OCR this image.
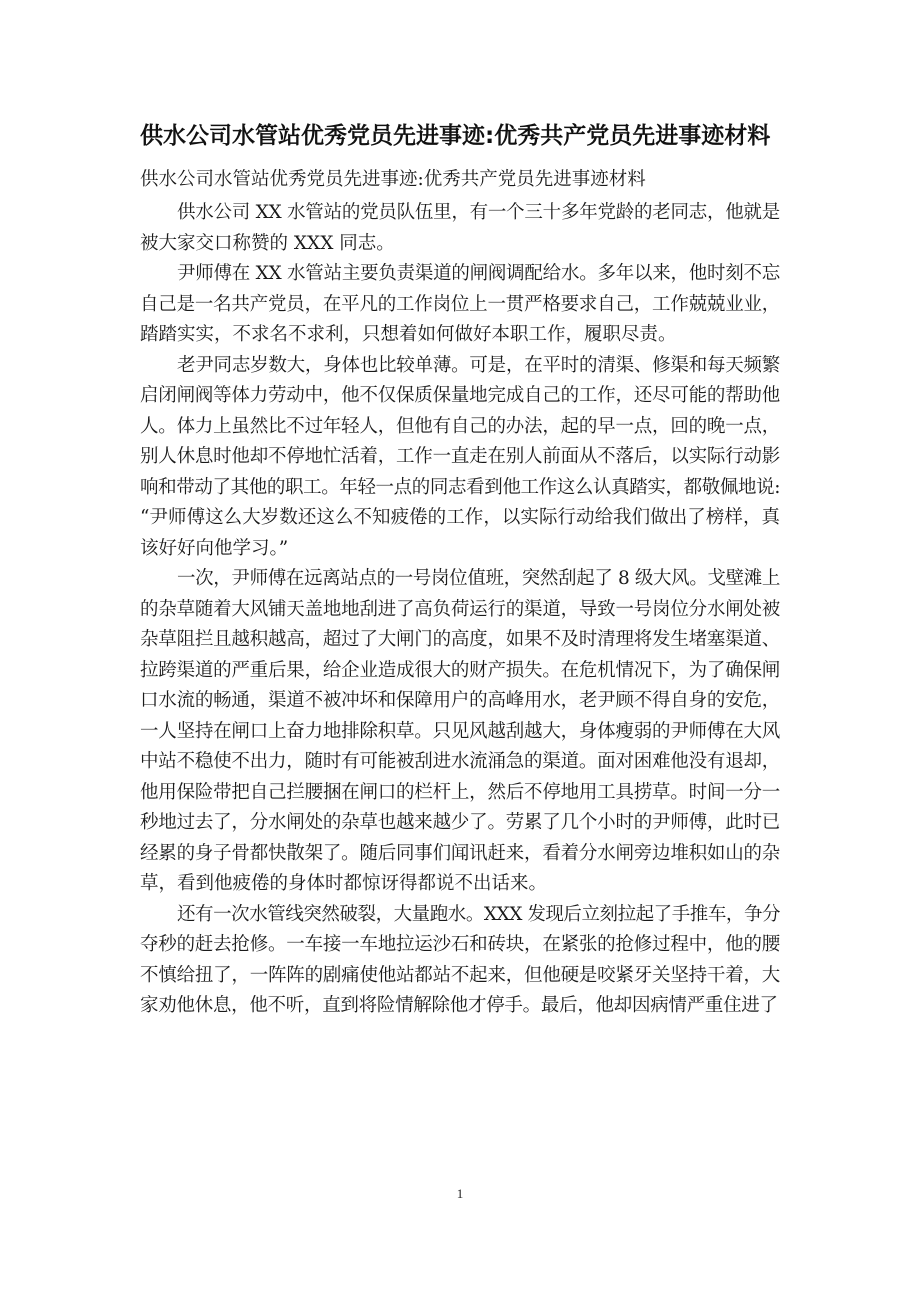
供水公司水管站优秀党员先进事迹:优秀共产党员先进事迹材料
供水公司水管站优秀党员先进事迹:优秀共产党员先进事迹材料
供水公司 XX 水管站的党员队伍里，有一个三十多年党龄的老同志，他就是
被大家交口称赞的 XXX 同志。
尹师傅在 XX 水管站主要负责渠道的闸阀调配给水。多年以来，他时刻不忘
自己是一名共产党员，在平凡的工作岗位上一贯严格要求自己，工作兢兢业业，
踏踏实实，不求名不求利，只想着如何做好本职工作，履职尽责。
老尹同志岁数大，身体也比较单薄。可是，在平时的清渠、修渠和每天频繁
启闭闸阀等体力劳动中，他不仅保质保量地完成自己的工作，还尽可能的帮助他
人。体力上虽然比不过年轻人，但他有自己的办法，起的早一点，回的晚一点，
别人休息时他却不停地忙活着，工作一直走在别人前面从不落后，以实际行动影
响和带动了其他的职工。年轻一点的同志看到他工作这么认真踏实，都敬佩地说:
“尹师傅这么大岁数还这么不知疲倦的工作，以实际行动给我们做出了榜样，真
该好好向他学习。”
一次，尹师傅在远离站点的一号岗位值班，突然刮起了 8 级大风。戈壁滩上
的杂草随着大风铺天盖地地刮进了高负荷运行的渠道，导致一号岗位分水闸处被
杂草阻拦且越积越高，超过了大闸门的高度，如果不及时清理将发生堵塞渠道、
拉跨渠道的严重后果，给企业造成很大的财产损失。在危机情况下，为了确保闸
口水流的畅通，渠道不被冲坏和保障用户的高峰用水，老尹顾不得自身的安危，
一人坚持在闸口上奋力地排除积草。只见风越刮越大，身体瘦弱的尹师傅在大风
中站不稳使不出力，随时有可能被刮进水流涌急的渠道。面对困难他没有退却，
他用保险带把自己拦腰捆在闸口的栏杆上，然后不停地用工具捞草。时间一分一
秒地过去了，分水闸处的杂草也越来越少了。劳累了几个小时的尹师傅，此时已
经累的身子骨都快散架了。随后同事们闻讯赶来，看着分水闸旁边堆积如山的杂
草，看到他疲倦的身体时都惊讶得都说不出话来。
还有一次水管线突然破裂，大量跑水。XXX 发现后立刻拉起了手推车，争分
夺秒的赶去抢修。一车接一车地拉运沙石和砖块，在紧张的抢修过程中，他的腰
不慎给扭了，一阵阵的剧痛使他站都站不起来，但他硬是咬紧牙关坚持干着，大
家劝他休息，他不听，直到将险情解除他才停手。最后，他却因病情严重住进了
1
